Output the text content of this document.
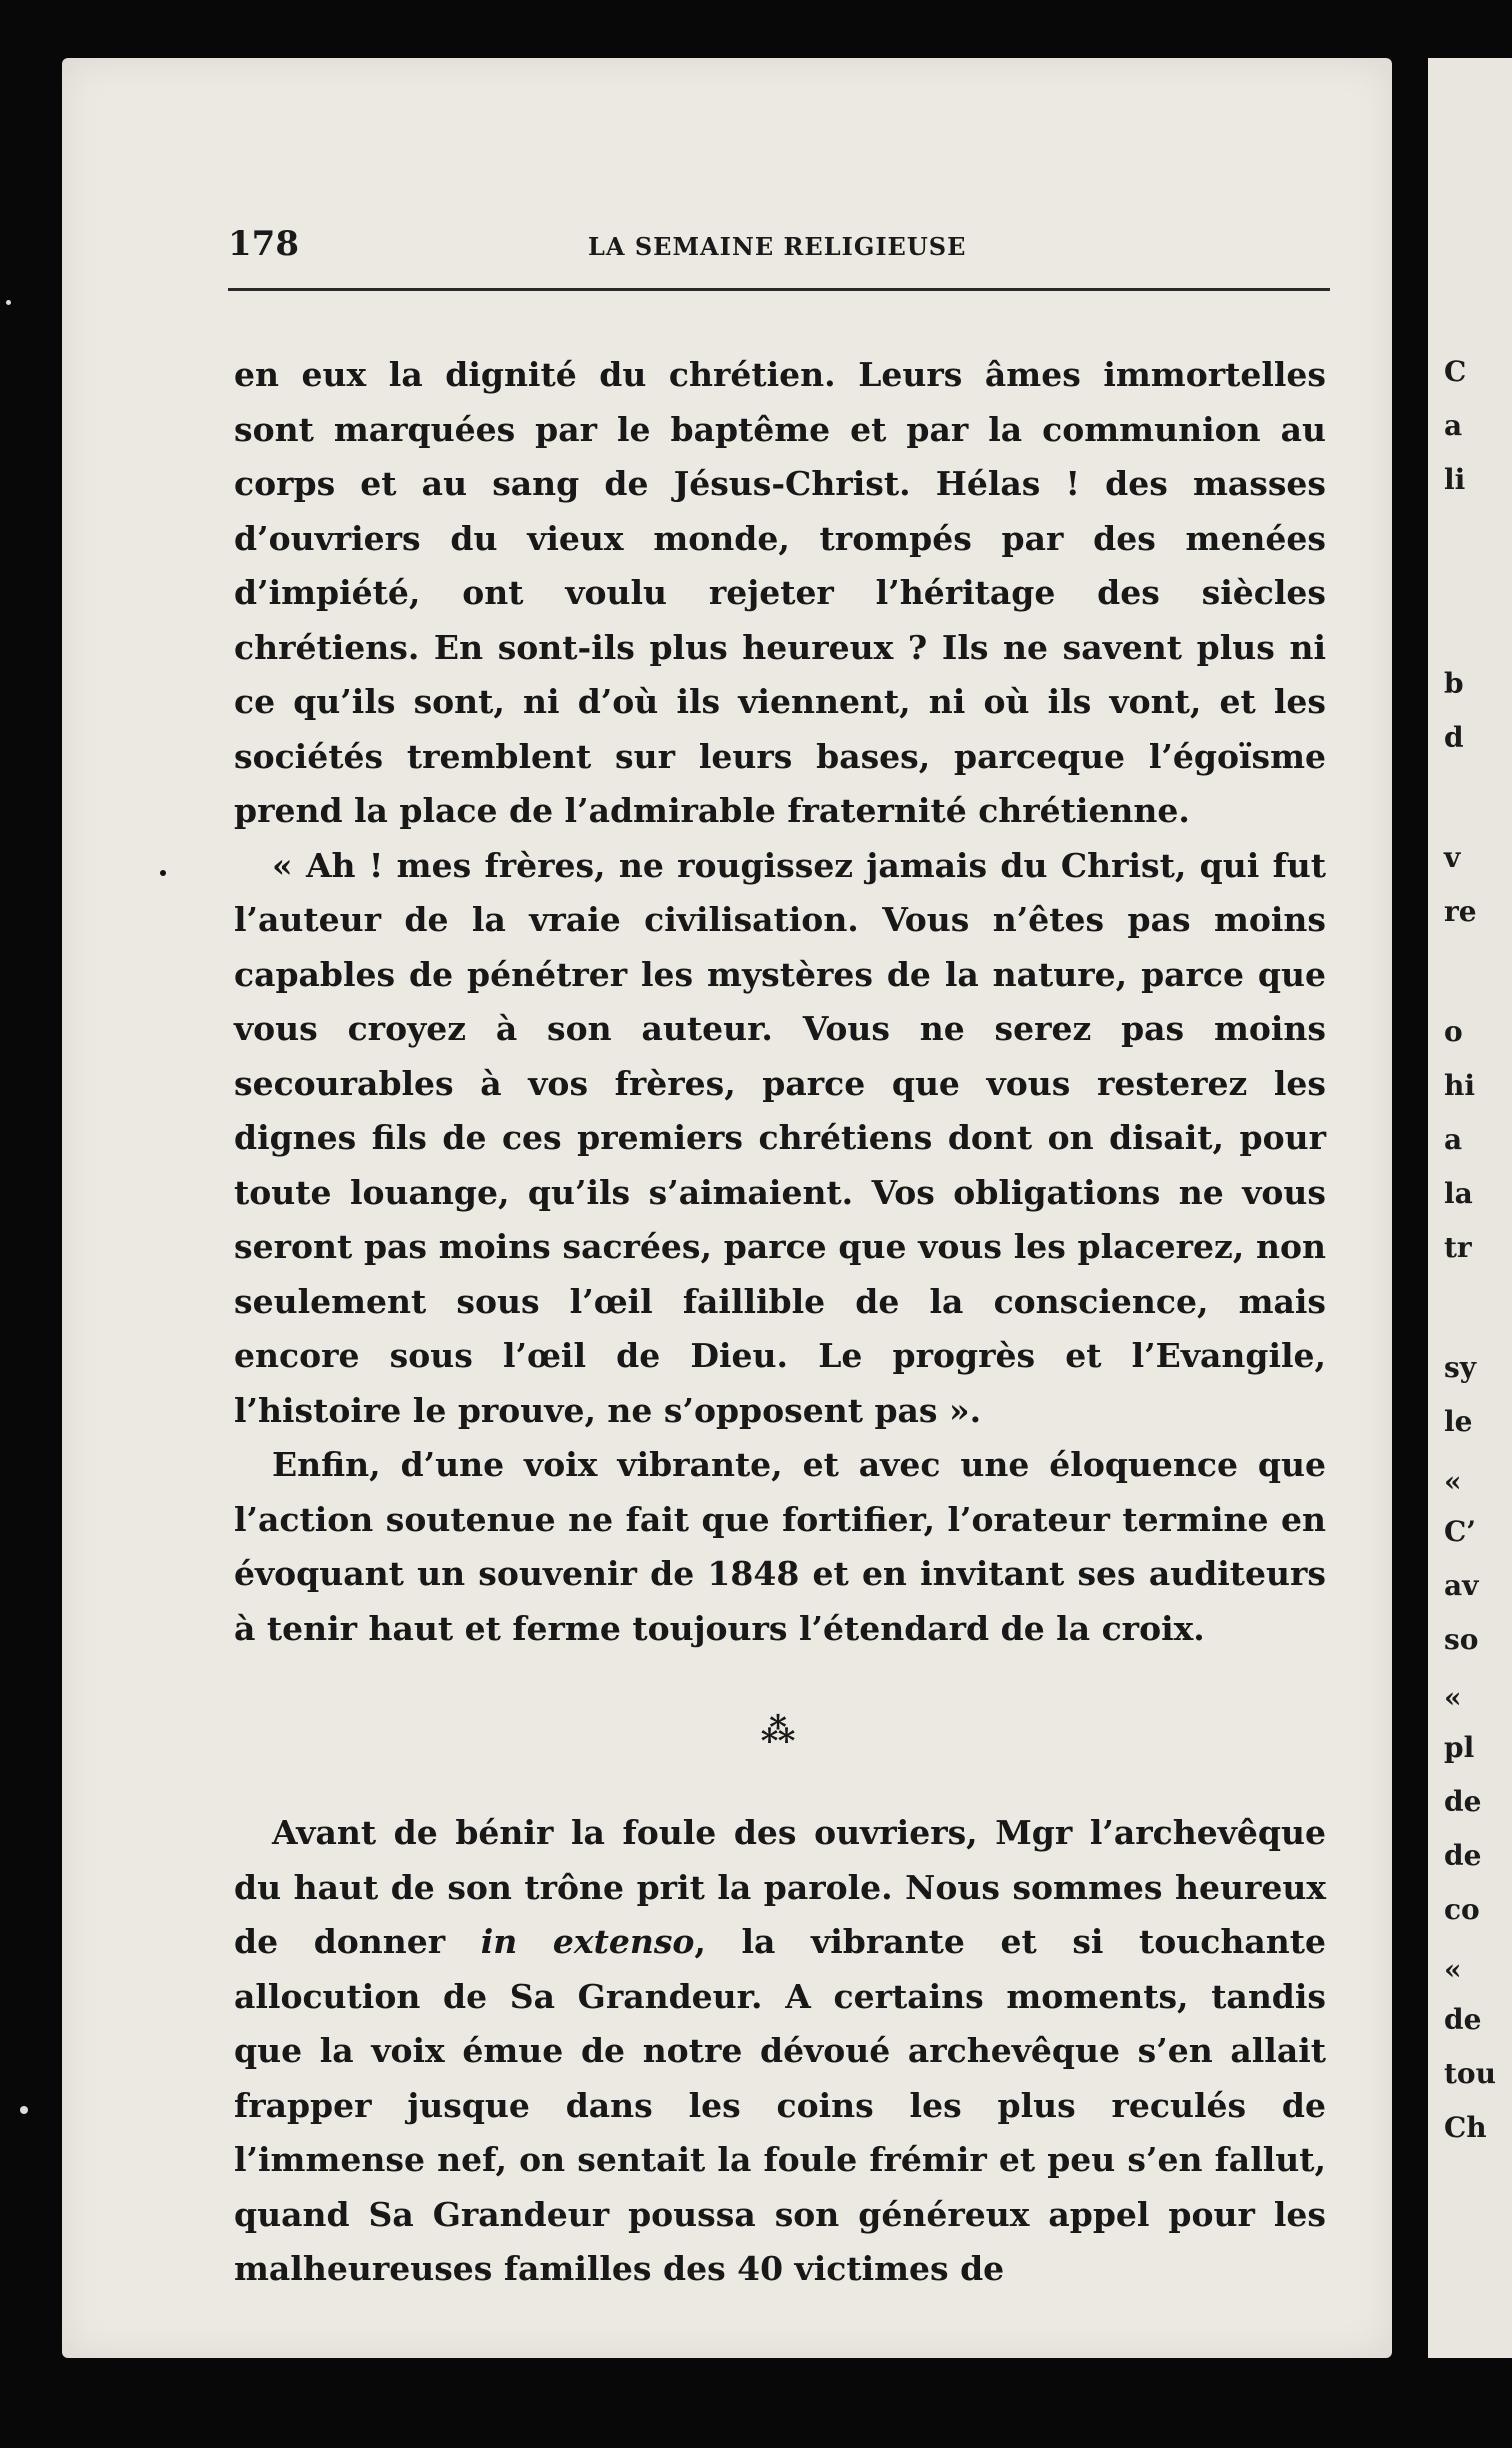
C
a
li
b
d
v
re
o
hi
a
la
tr
sy
le
«
C’
av
so
«
pl
de
de
co
«
de
tou
Ch
178	LA SEMAINE RELIGIEUSE

en eux la dignité du chrétien. Leurs âmes immortelles sont marquées par le baptême et par la communion au corps et au sang de Jésus-Christ. Hélas ! des masses d’ouvriers du vieux monde, trompés par des menées d’impiété, ont voulu rejeter l’héritage des siècles chrétiens. En sont-ils plus heureux ? Ils ne savent plus ni ce qu’ils sont, ni d’où ils viennent, ni où ils vont, et les sociétés tremblent sur leurs bases, parceque l’égoïsme prend la place de l’admirable fraternité chrétienne.

« Ah ! mes frères, ne rougissez jamais du Christ, qui fut l’auteur de la vraie civilisation. Vous n’êtes pas moins capables de pénétrer les mystères de la nature, parce que vous croyez à son auteur. Vous ne serez pas moins secourables à vos frères, parce que vous resterez les dignes fils de ces premiers chrétiens dont on disait, pour toute louange, qu’ils s’aimaient. Vos obligations ne vous seront pas moins sacrées, parce que vous les placerez, non seulement sous l’œil faillible de la conscience, mais encore sous l’œil de Dieu. Le progrès et l’Evangile, l’histoire le prouve, ne s’opposent pas ».

Enfin, d’une voix vibrante, et avec une éloquence que l’action soutenue ne fait que fortifier, l’orateur termine en évoquant un souvenir de 1848 et en invitant ses auditeurs à tenir haut et ferme toujours l’étendard de la croix.

⁂

Avant de bénir la foule des ouvriers, Mgr l’archevêque du haut de son trône prit la parole. Nous sommes heureux de donner in extenso, la vibrante et si touchante allocution de Sa Grandeur. A certains moments, tandis que la voix émue de notre dévoué archevêque s’en allait frapper jusque dans les coins les plus reculés de l’immense nef, on sentait la foule frémir et peu s’en fallut, quand Sa Grandeur poussa son généreux appel pour les malheureuses familles des 40 victimes de
